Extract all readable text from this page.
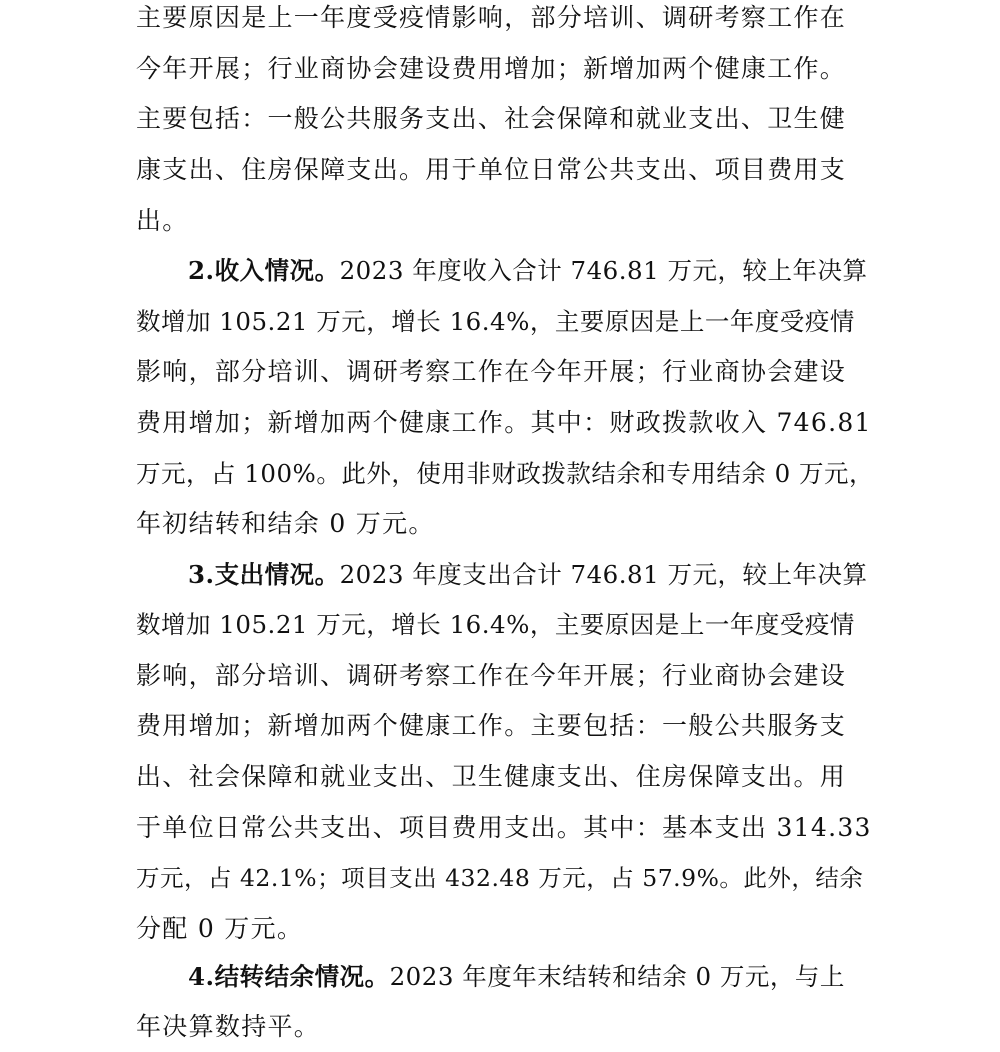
主要原因是上一年度受疫情影响，部分培训、调研考察工作在
今年开展；行业商协会建设费用增加；新增加两个健康工作。
主要包括：一般公共服务支出、社会保障和就业支出、卫生健
康支出、住房保障支出。用于单位日常公共支出、项目费用支
出。
2.收入情况。2023 年度收入合计 746.81 万元，较上年决算
数增加 105.21 万元，增长 16.4%，主要原因是上一年度受疫情
影响，部分培训、调研考察工作在今年开展；行业商协会建设
费用增加；新增加两个健康工作。其中：财政拨款收入 746.81
万元，占 100%。此外，使用非财政拨款结余和专用结余 0 万元，
年初结转和结余 0 万元。
3.支出情况。2023 年度支出合计 746.81 万元，较上年决算
数增加 105.21 万元，增长 16.4%，主要原因是上一年度受疫情
影响，部分培训、调研考察工作在今年开展；行业商协会建设
费用增加；新增加两个健康工作。主要包括：一般公共服务支
出、社会保障和就业支出、卫生健康支出、住房保障支出。用
于单位日常公共支出、项目费用支出。其中：基本支出 314.33
万元，占 42.1%；项目支出 432.48 万元，占 57.9%。此外，结余
分配 0 万元。
4.结转结余情况。2023 年度年末结转和结余 0 万元，与上
年决算数持平。
